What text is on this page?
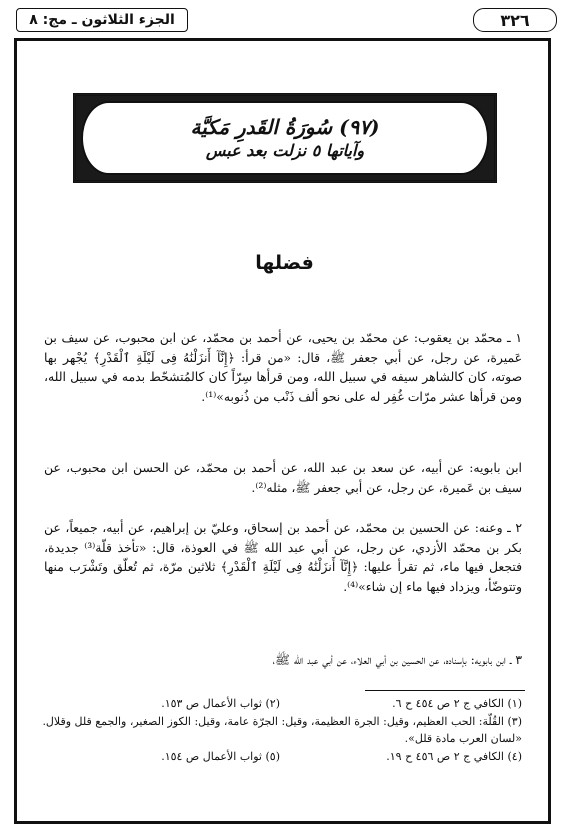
الجزء الثلاثون ـ مج: ٨	٣٢٦
(٩٧) سُورَةُ القَدرِ مَكيَّة
وآياتها ٥ نزلت بعد عبس
فضلها
١ ـ محمّد بن يعقوب: عن محمّد بن يحيى، عن أحمد بن محمّد، عن ابن محبوب، عن سيف بن عَميرة، عن رجل، عن أبي جعفر ﷺ، قال: «من قرأ: ﴿إِنَّآ أَنزَلْنَٰهُ فِى لَيْلَةِ ٱلْقَدْرِ﴾ يُجْهر بها صوته، كان كالشاهر سيفه في سبيل الله، ومن قرأها سِرّاً كان كالمُتشحّط بدمه في سبيل الله، ومن قرأها عشر مرّات غُفِر له على نحو ألف ذَنْب من ذُنوبه»⁽¹⁾.
ابن بابويه: عن أبيه، عن سعد بن عبد الله، عن أحمد بن محمّد، عن الحسن ابن محبوب، عن سيف بن عَميرة، عن رجل، عن أبي جعفر ﷺ، مثله⁽²⁾.
٢ ـ وعنه: عن الحسين بن محمّد، عن أحمد بن إسحاق، وعليّ بن إبراهيم، عن أبيه، جميعاً، عن بكر بن محمّد الأزدي، عن رجل، عن أبي عبد الله ﷺ في العوذة، قال: «تأخذ قلّة⁽³⁾ جديدة، فتجعل فيها ماء، ثم تقرأ عليها: ﴿إِنَّآ أَنزَلْنَٰهُ فِى لَيْلَةِ ٱلْقَدْرِ﴾ ثلاثين مرّة، ثم تُعلّق وتَشْرَب منها وتتوضّأ، ويزداد فيها ماء إن شاء»⁽⁴⁾.
٣ ـ ابن بابويه: بإسناده، عن الحسين بن أبي العلاء، عن أبي عبد الله ﷺ،
(١) الكافي ج ٢ ص ٤٥٤ ح ٦.
(٢) ثواب الأعمال ص ١٥٣.
(٣) القُلّة: الحب العظيم، وقيل: الجرة العظيمة، وقيل: الجرّة عامة، وقيل: الكوز الصغير، والجمع قلل وقلال. «لسان العرب مادة قلل».
(٤) الكافي ج ٢ ص ٤٥٦ ح ١٩.
(٥) ثواب الأعمال ص ١٥٤.
